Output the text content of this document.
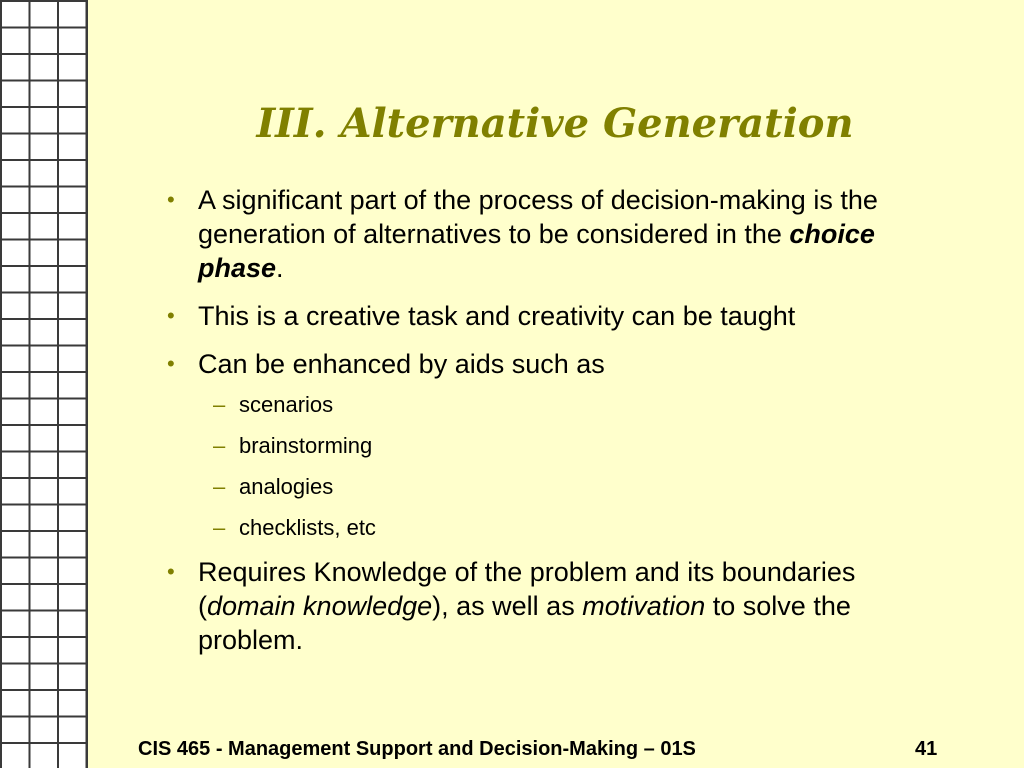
III. Alternative Generation
• A significant part of the process of decision-making is the generation of alternatives to be considered in the choice phase.
• This is a creative task and creativity can be taught
• Can be enhanced by aids such as
– scenarios
– brainstorming
– analogies
– checklists, etc
• Requires Knowledge of the problem and its boundaries (domain knowledge), as well as motivation to solve the problem.
CIS 465 - Management Support and Decision-Making – 01S	41
